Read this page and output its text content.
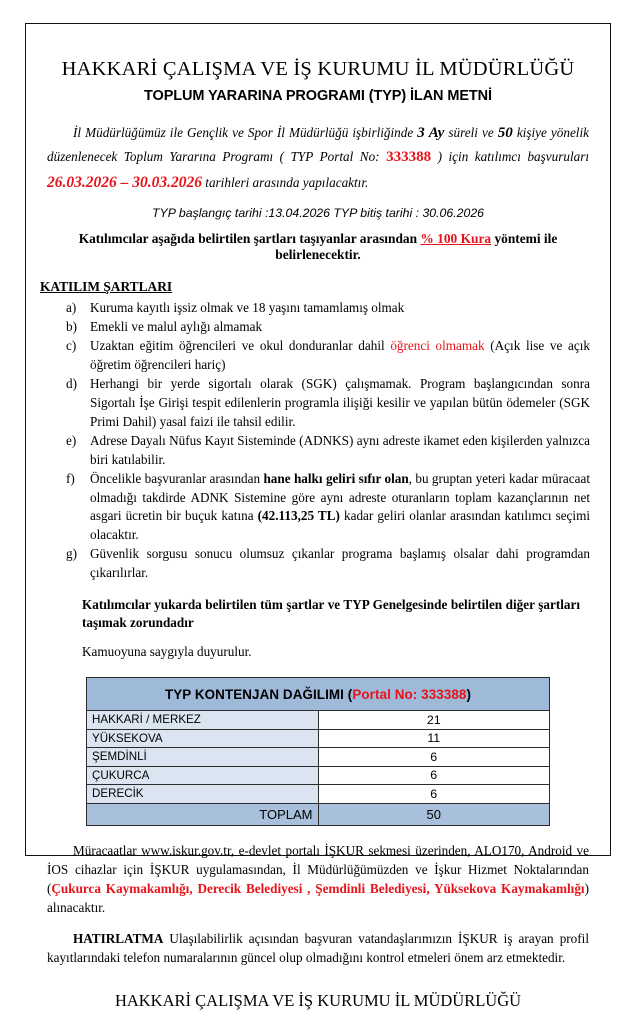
HAKKARİ ÇALIŞMA VE İŞ KURUMU İL MÜDÜRLÜĞÜ
TOPLUM YARARINA PROGRAMI (TYP) İLAN METNİ

İl Müdürlüğümüz ile Gençlik ve Spor İl Müdürlüğü işbirliğinde 3 Ay süreli ve 50 kişiye yönelik düzenlenecek Toplum Yararına Programı ( TYP Portal No: 333388 ) için katılımcı başvuruları 26.03.2026 – 30.03.2026 tarihleri arasında yapılacaktır.

TYP başlangıç tarihi :13.04.2026 TYP bitiş tarihi : 30.06.2026
Katılımcılar aşağıda belirtilen şartları taşıyanlar arasından % 100 Kura yöntemi ile belirlenecektir.
KATILIM ŞARTLARI
a)	Kuruma kayıtlı işsiz olmak ve 18 yaşını tamamlamış olmak
b) Emekli ve malul aylığı almamak
c)	Uzaktan eğitim öğrencileri ve okul donduranlar dahil öğrenci olmamak (Açık lise ve açık öğretim öğrencileri hariç)
d) Herhangi bir yerde sigortalı olarak (SGK) çalışmamak. Program başlangıcından sonra Sigortalı İşe Girişi tespit edilenlerin programla ilişiği kesilir ve yapılan bütün ödemeler (SGK Primi Dahil) yasal faizi ile tahsil edilir.
e)	Adrese Dayalı Nüfus Kayıt Sisteminde (ADNKS) aynı adreste ikamet eden kişilerden yalnızca biri katılabilir.
f)	Öncelikle başvuranlar arasından hane halkı geliri sıfır olan, bu gruptan yeteri kadar müracaat olmadığı takdirde ADNK Sistemine göre aynı adreste oturanların toplam kazançlarının net asgari ücretin bir buçuk katına (42.113,25 TL) kadar geliri olanlar arasından katılımcı seçimi olacaktır.
g) Güvenlik sorgusu sonucu olumsuz çıkanlar programa başlamış olsalar dahi programdan çıkarılırlar.

Katılımcılar yukarda belirtilen tüm şartlar ve TYP Genelgesinde belirtilen diğer şartları taşımak zorundadır

Kamuoyuna saygıyla duyurulur.

TYP KONTENJAN DAĞILIMI (Portal No: 333388)	
HAKKARİ / MERKEZ	21
YÜKSEKOVA	11
ŞEMDİNLİ	6
ÇUKURCA	6
DERECİK	6
TOPLAM	50

Müracaatlar www.iskur.gov.tr, e-devlet portalı İŞKUR sekmesi üzerinden, ALO170, Android ve İOS cihazlar için İŞKUR uygulamasından, İl Müdürlüğümüzden ve İşkur Hizmet Noktalarından (Çukurca Kaymakamlığı, Derecik Belediyesi , Şemdinli Belediyesi, Yüksekova Kaymakamlığı) alınacaktır.

HATIRLATMA Ulaşılabilirlik açısından başvuran vatandaşlarımızın İŞKUR iş arayan profil kayıtlarındaki telefon numaralarının güncel olup olmadığını kontrol etmeleri önem arz etmektedir.

HAKKARİ ÇALIŞMA VE İŞ KURUMU İL MÜDÜRLÜĞÜ
